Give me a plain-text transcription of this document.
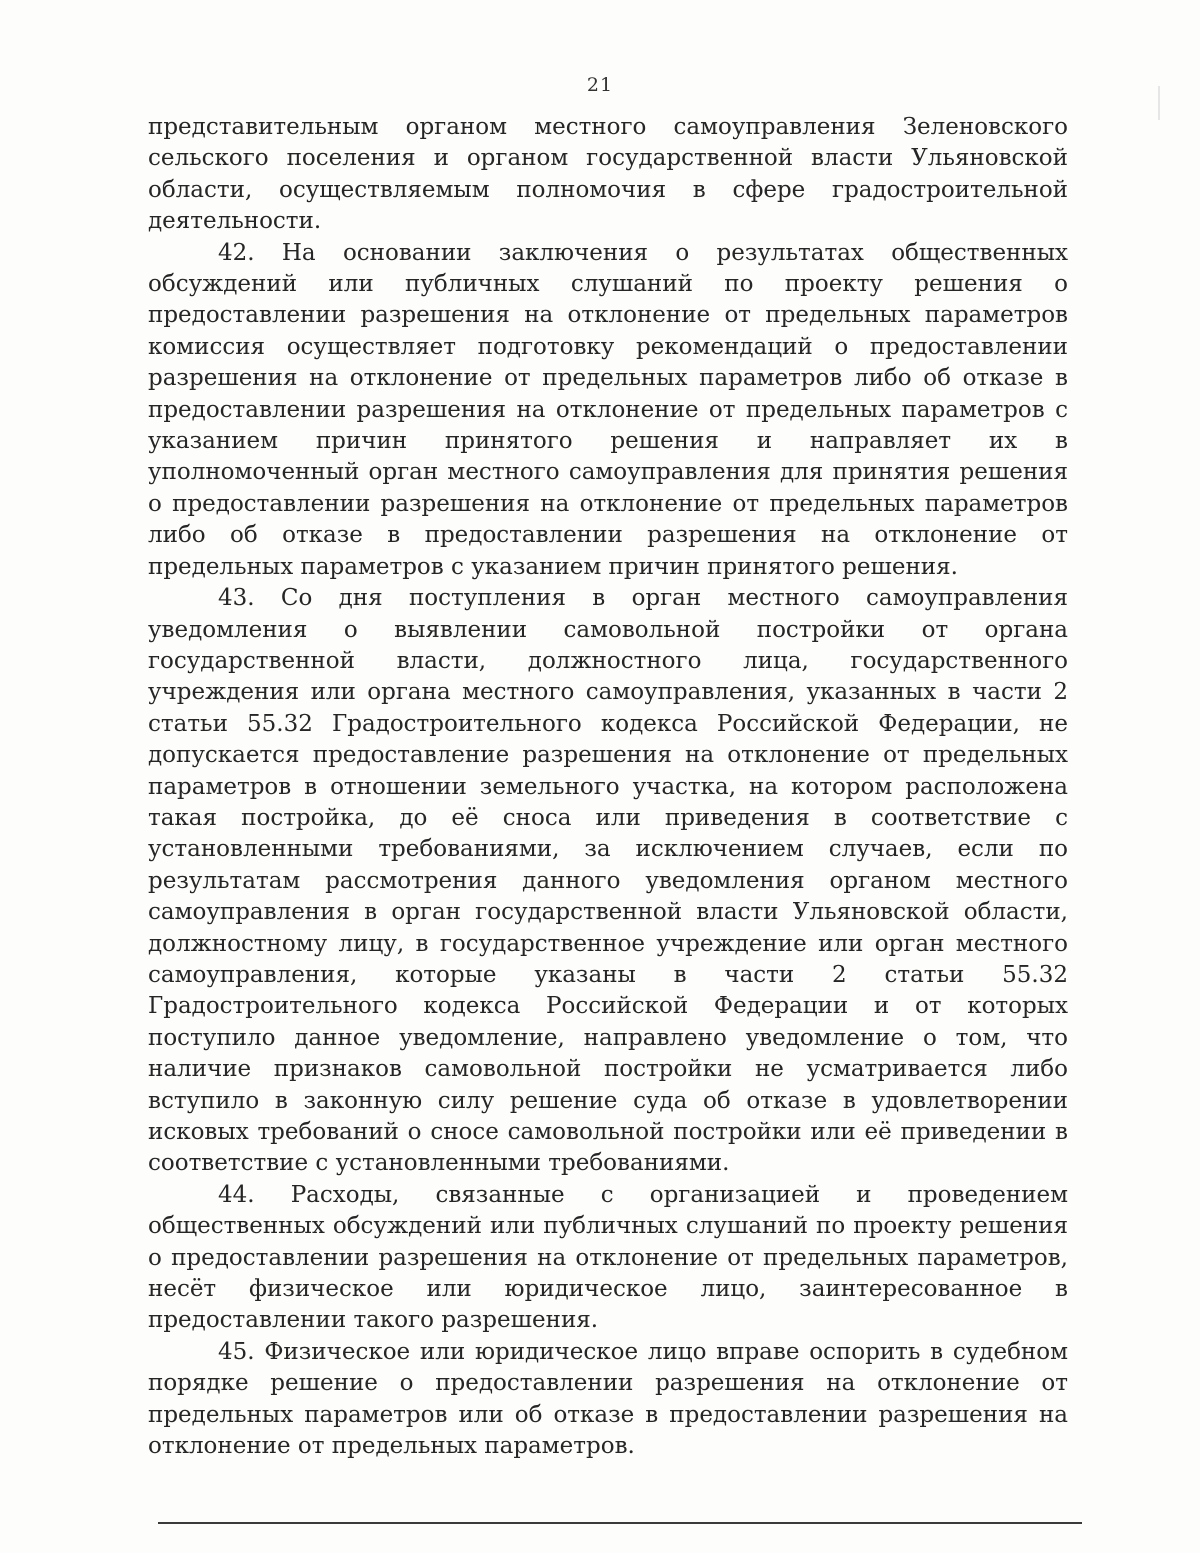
21

представительным органом местного самоуправления Зеленовского сельского поселения и органом государственной власти Ульяновской области, осуществляемым полномочия в сфере градостроительной деятельности.

42. На основании заключения о результатах общественных обсуждений или публичных слушаний по проекту решения о предоставлении разрешения на отклонение от предельных параметров комиссия осуществляет подготовку рекомендаций о предоставлении разрешения на отклонение от предельных параметров либо об отказе в предоставлении разрешения на отклонение от предельных параметров с указанием причин принятого решения и направляет их в уполномоченный орган местного самоуправления для принятия решения о предоставлении разрешения на отклонение от предельных параметров либо об отказе в предоставлении разрешения на отклонение от предельных параметров с указанием причин принятого решения.

43. Со дня поступления в орган местного самоуправления уведомления о выявлении самовольной постройки от органа государственной власти, должностного лица, государственного учреждения или органа местного самоуправления, указанных в части 2 статьи 55.32 Градостроительного кодекса Российской Федерации, не допускается предоставление разрешения на отклонение от предельных параметров в отношении земельного участка, на котором расположена такая постройка, до её сноса или приведения в соответствие с установленными требованиями, за исключением случаев, если по результатам рассмотрения данного уведомления органом местного самоуправления в орган государственной власти Ульяновской области, должностному лицу, в государственное учреждение или орган местного самоуправления, которые указаны в части 2 статьи 55.32 Градостроительного кодекса Российской Федерации и от которых поступило данное уведомление, направлено уведомление о том, что наличие признаков самовольной постройки не усматривается либо вступило в законную силу решение суда об отказе в удовлетворении исковых требований о сносе самовольной постройки или её приведении в соответствие с установленными требованиями.

44. Расходы, связанные с организацией и проведением общественных обсуждений или публичных слушаний по проекту решения о предоставлении разрешения на отклонение от предельных параметров, несёт физическое или юридическое лицо, заинтересованное в предоставлении такого разрешения.

45. Физическое или юридическое лицо вправе оспорить в судебном порядке решение о предоставлении разрешения на отклонение от предельных параметров или об отказе в предоставлении разрешения на отклонение от предельных параметров.
